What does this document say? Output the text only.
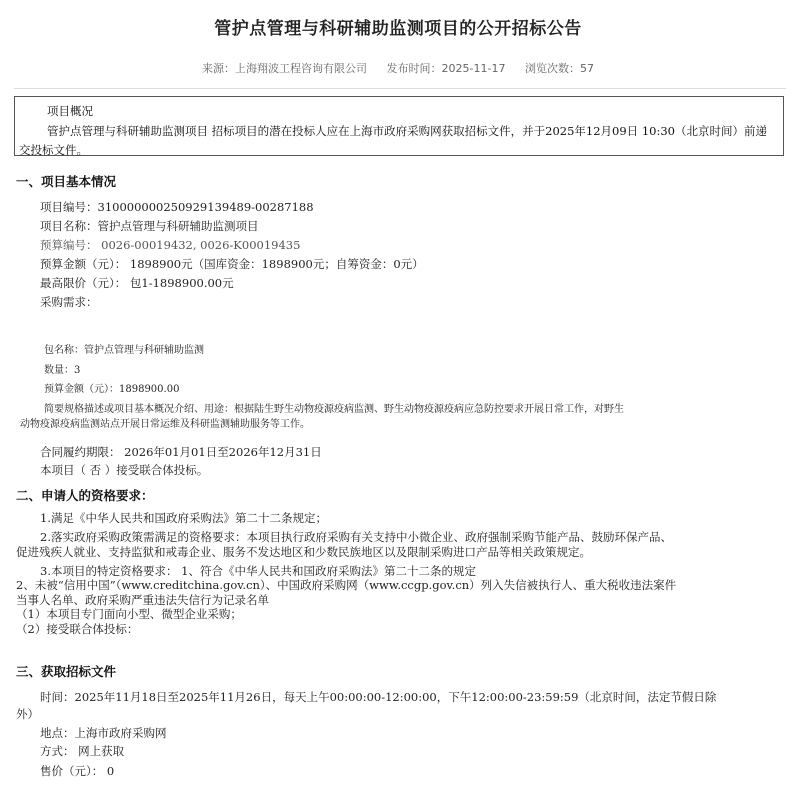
管护点管理与科研辅助监测项目的公开招标公告
来源：上海翔波工程咨询有限公司 发布时间：2025-11-17 浏览次数：57
项目概况
管护点管理与科研辅助监测项目 招标项目的潜在投标人应在上海市政府采购网获取招标文件，并于2025年12月09日 10:30（北京时间）前递交投标文件。
一、项目基本情况
项目编号：310000000250929139489-00287188
项目名称：管护点管理与科研辅助监测项目
预算编号： 0026-00019432, 0026-K00019435
预算金额（元）： 1898900元（国库资金：1898900元；自筹资金：0元）
最高限价（元）： 包1-1898900.00元
采购需求：
包名称：管护点管理与科研辅助监测
数量：3
预算金额（元）：1898900.00
简要规格描述或项目基本概况介绍、用途：根据陆生野生动物疫源疫病监测、野生动物疫源疫病应急防控要求开展日常工作，对野生
动物疫源疫病监测站点开展日常运维及科研监测辅助服务等工作。
合同履约期限： 2026年01月01日至2026年12月31日
本项目（ 否 ）接受联合体投标。
二、申请人的资格要求：
1.满足《中华人民共和国政府采购法》第二十二条规定；
2.落实政府采购政策需满足的资格要求：本项目执行政府采购有关支持中小微企业、政府强制采购节能产品、鼓励环保产品、
促进残疾人就业、支持监狱和戒毒企业、服务不发达地区和少数民族地区以及限制采购进口产品等相关政策规定。
3.本项目的特定资格要求： 1、符合《中华人民共和国政府采购法》第二十二条的规定
2、未被“信用中国”（www.creditchina.gov.cn）、中国政府采购网（www.ccgp.gov.cn）列入失信被执行人、重大税收违法案件
当事人名单、政府采购严重违法失信行为记录名单
（1）本项目专门面向小型、微型企业采购；
（2）接受联合体投标：
三、获取招标文件
时间：2025年11月18日至2025年11月26日，每天上午00:00:00-12:00:00，下午12:00:00-23:59:59（北京时间，法定节假日除
外）
地点：上海市政府采购网
方式： 网上获取
售价（元）： 0
